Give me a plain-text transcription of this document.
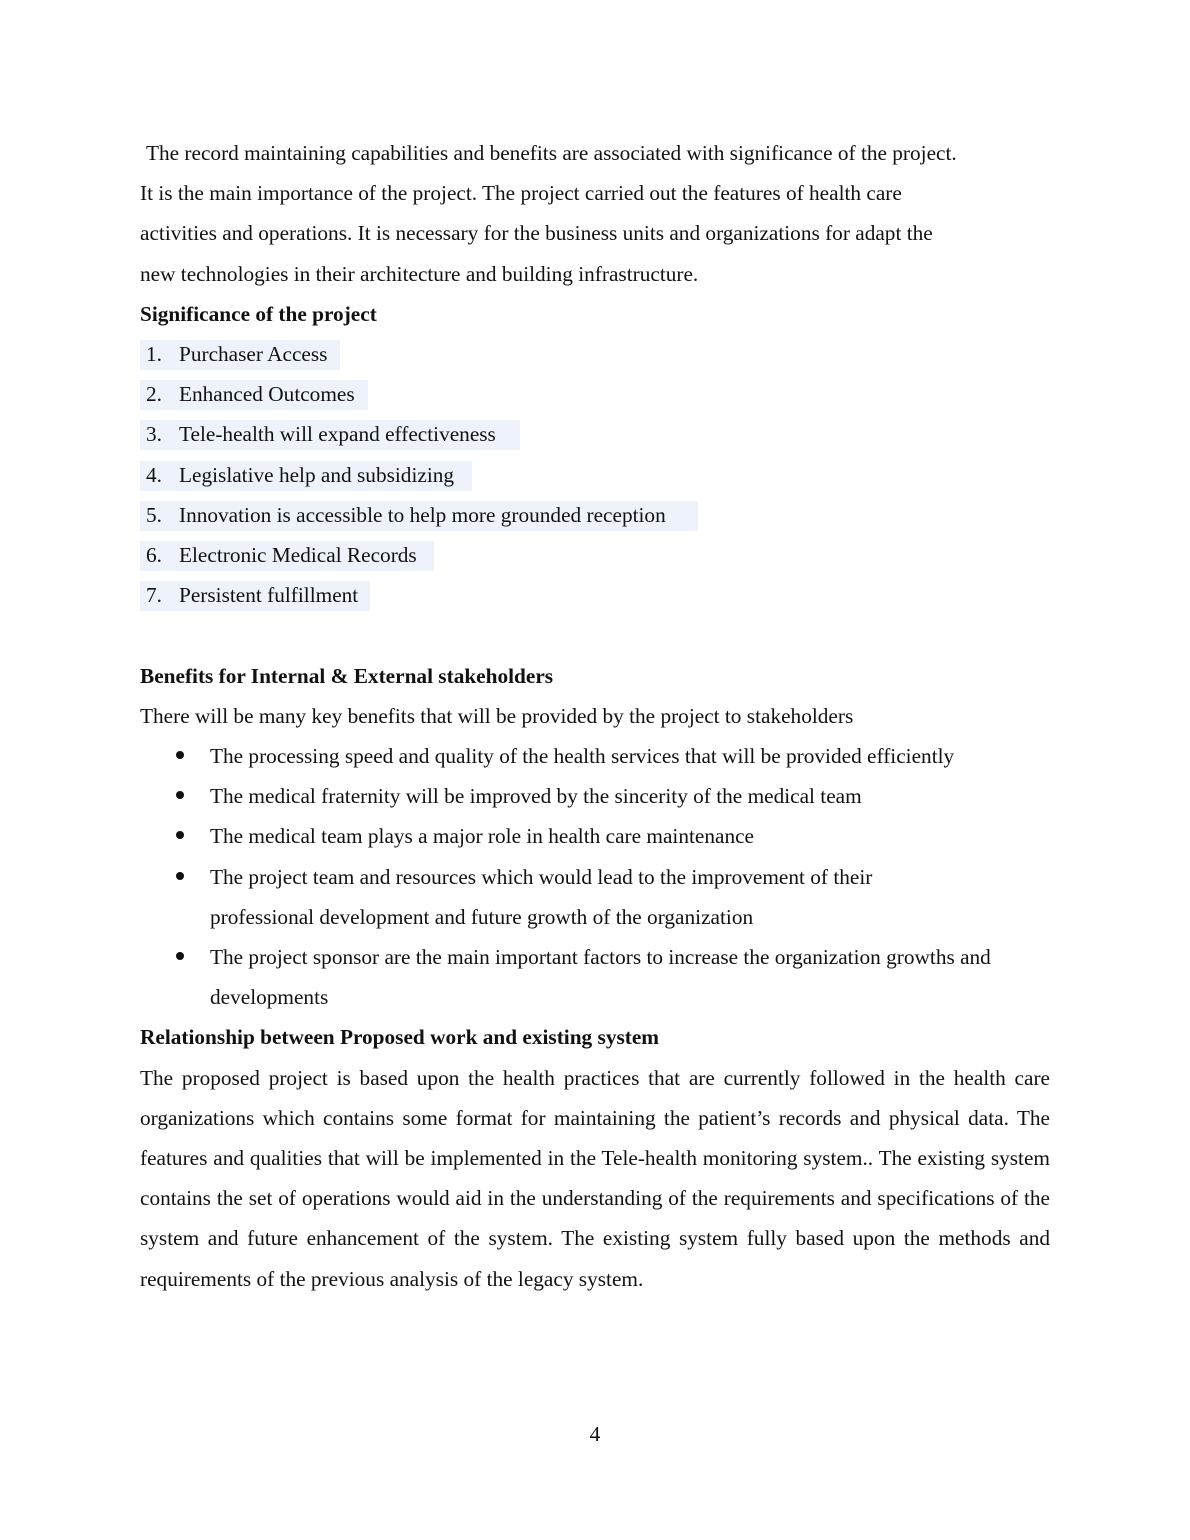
The record maintaining capabilities and benefits are associated with significance of the project.

It is the main importance of the project. The project carried out the features of health care

activities and operations. It is necessary for the business units and organizations for adapt the

new technologies in their architecture and building infrastructure.

Significance of the project

1. Purchaser Access
2. Enhanced Outcomes
3. Tele-health will expand effectiveness
4. Legislative help and subsidizing
5. Innovation is accessible to help more grounded reception
6. Electronic Medical Records
7. Persistent fulfillment

Benefits for Internal & External stakeholders

There will be many key benefits that will be provided by the project to stakeholders

The processing speed and quality of the health services that will be provided efficiently
The medical fraternity will be improved by the sincerity of the medical team
The medical team plays a major role in health care maintenance
The project team and resources which would lead to the improvement of their professional development and future growth of the organization
The project sponsor are the main important factors to increase the organization growths and developments

Relationship between Proposed work and existing system

The proposed project is based upon the health practices that are currently followed in the health care organizations which contains some format for maintaining the patient’s records and physical data. The features and qualities that will be implemented in the Tele-health monitoring system.. The existing system contains the set of operations would aid in the understanding of the requirements and specifications of the system and future enhancement of the system. The existing system fully based upon the methods and requirements of the previous analysis of the legacy system.

4
